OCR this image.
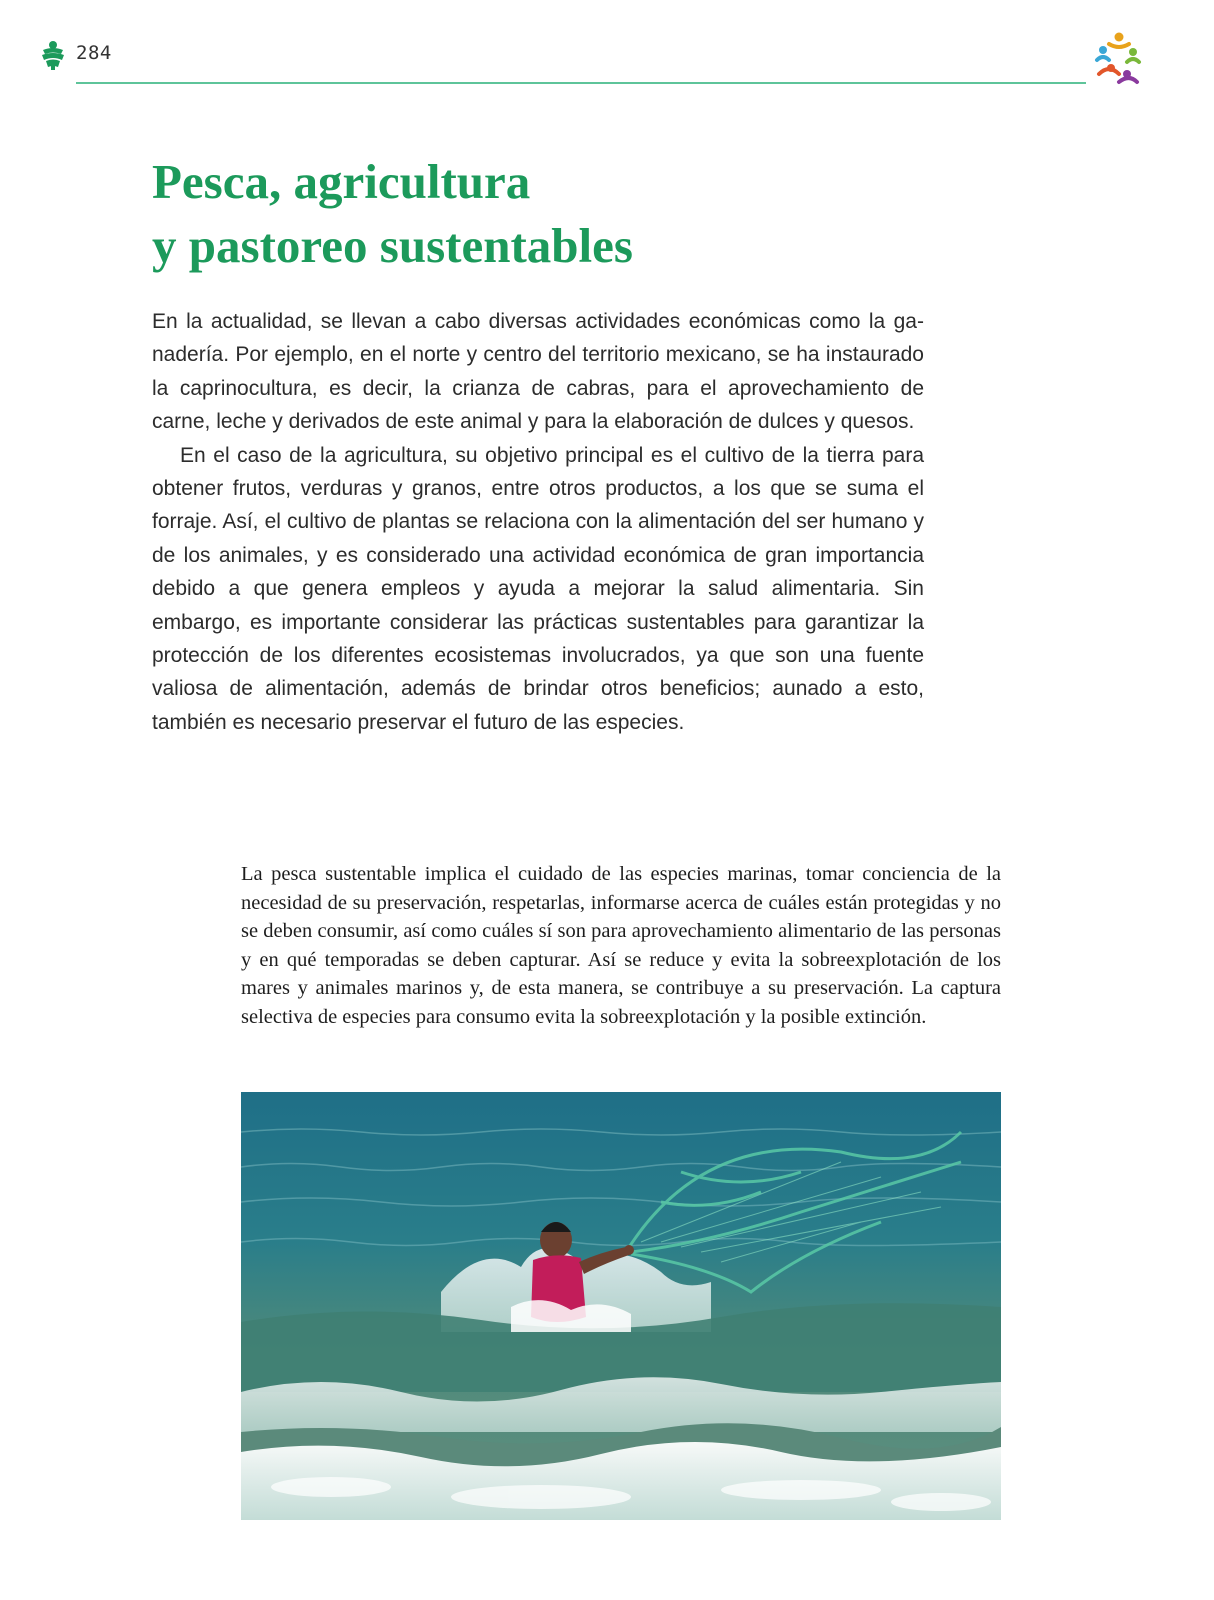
284
Pesca, agricultura
y pastoreo sustentables

En la actualidad, se llevan a cabo diversas actividades económicas como la ganadería. Por ejemplo, en el norte y centro del territorio mexicano, se ha instaurado la caprinocultura, es decir, la crianza de cabras, para el aprovechamiento de carne, leche y derivados de este animal y para la elaboración de dulces y quesos.

En el caso de la agricultura, su objetivo principal es el cultivo de la tierra para obtener frutos, verduras y granos, entre otros productos, a los que se suma el forraje. Así, el cultivo de plantas se relaciona con la alimentación del ser humano y de los animales, y es considerado una actividad económica de gran importancia debido a que genera empleos y ayuda a mejorar la salud alimentaria. Sin embargo, es importante considerar las prácticas sustentables para garantizar la protección de los diferentes ecosistemas involucrados, ya que son una fuente valiosa de alimentación, además de brindar otros beneficios; aunado a esto, también es necesario preservar el futuro de las especies.

La pesca sustentable implica el cuidado de las especies marinas, tomar conciencia de la necesidad de su preservación, respetarlas, informarse acerca de cuáles están protegidas y no se deben consumir, así como cuáles sí son para aprovechamiento alimentario de las personas y en qué temporadas se deben capturar. Así se reduce y evita la sobreexplotación de los mares y animales marinos y, de esta manera, se contribuye a su preservación. La captura selectiva de especies para consumo evita la sobreexplotación y la posible extinción.
